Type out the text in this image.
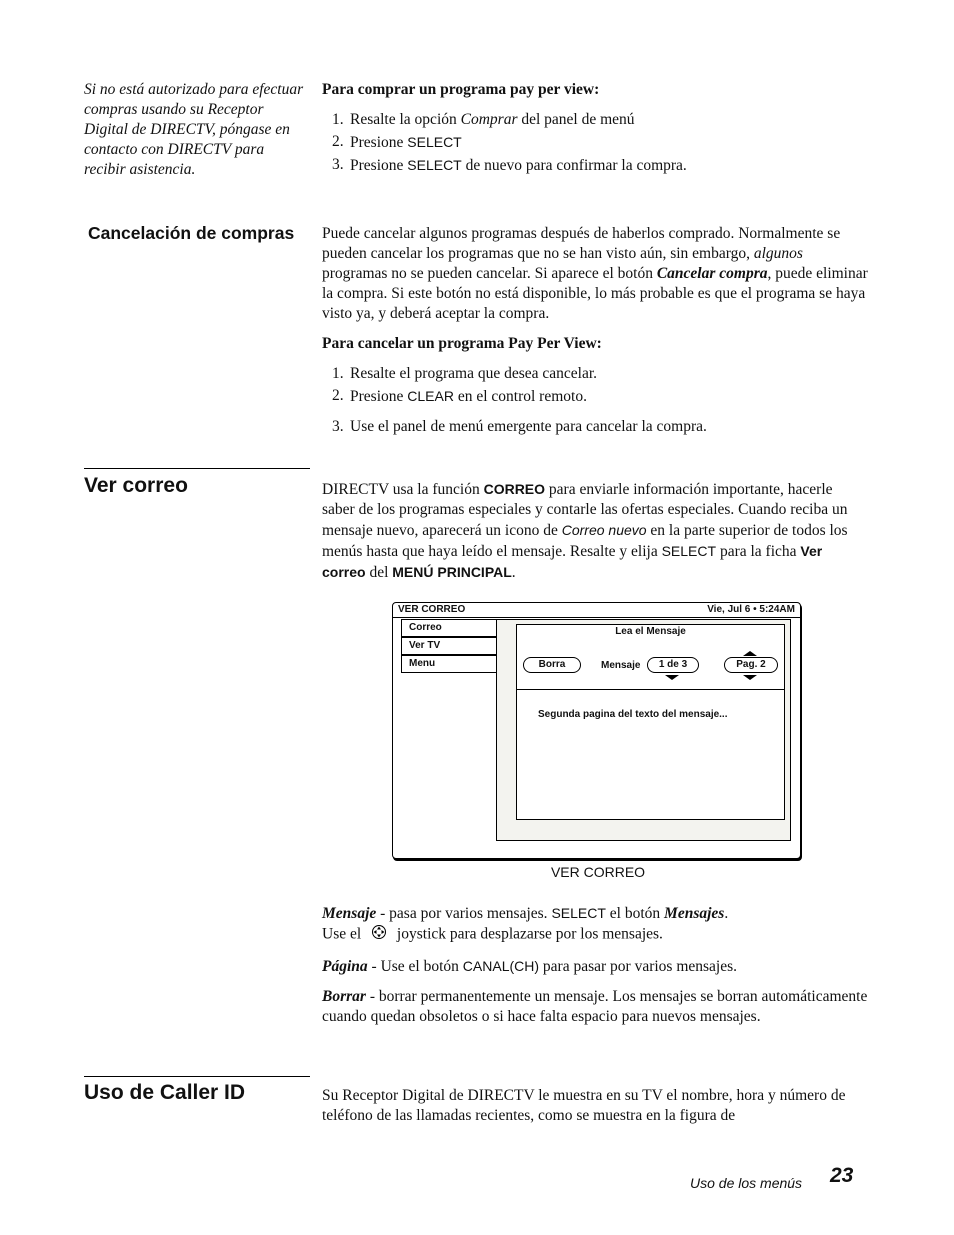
Si no está autorizado para efectuar compras usando su Receptor Digital de DIRECTV, póngase en contacto con DIRECTV para recibir asistencia.

Para comprar un programa pay per view:

1. Resalte la opción Comprar del panel de menú
2. Presione SELECT
3. Presione SELECT de nuevo para confirmar la compra.
Cancelación de compras Puede cancelar algunos programas después de haberlos comprado. Normalmente se pueden cancelar los programas que no se han visto aún, sin embargo, algunos programas no se pueden cancelar. Si aparece el botón Cancelar compra, puede eliminar la compra. Si este botón no está disponible, lo más probable es que el programa se haya visto ya, y deberá aceptar la compra.

Para cancelar un programa Pay Per View:

1. Resalte el programa que desea cancelar.
2. Presione CLEAR en el control remoto.
3. Use el panel de menú emergente para cancelar la compra.
Ver correo	DIRECTV usa la función CORREO para enviarle información importante, hacerle saber de los programas especiales y contarle las ofertas especiales. Cuando reciba un mensaje nuevo, aparecerá un icono de Correo nuevo en la parte superior de todos los menús hasta que haya leído el mensaje. Resalte y elija SELECT para la ficha Ver correo del MENÚ PRINCIPAL.
VER CORREO	Vie, Jul 6 • 5:24AM
Correo
Ver TV
Menu
Lea el Mensaje
Borra	Mensaje	1 de 3	Pag. 2
Segunda pagina del texto del mensaje...
VER CORREO

Mensaje - pasa por varios mensajes. SELECT el botón Mensajes.
Use el  joystick para desplazarse por los mensajes.

Página - Use el botón CANAL(CH) para pasar por varios mensajes.

Borrar - borrar permanentemente un mensaje. Los mensajes se borran automáticamente cuando quedan obsoletos o si hace falta espacio para nuevos mensajes.

Uso de Caller ID	Su Receptor Digital de DIRECTV le muestra en su TV el nombre, hora y número de teléfono de las llamadas recientes, como se muestra en la figura de
Uso de los menús 23
